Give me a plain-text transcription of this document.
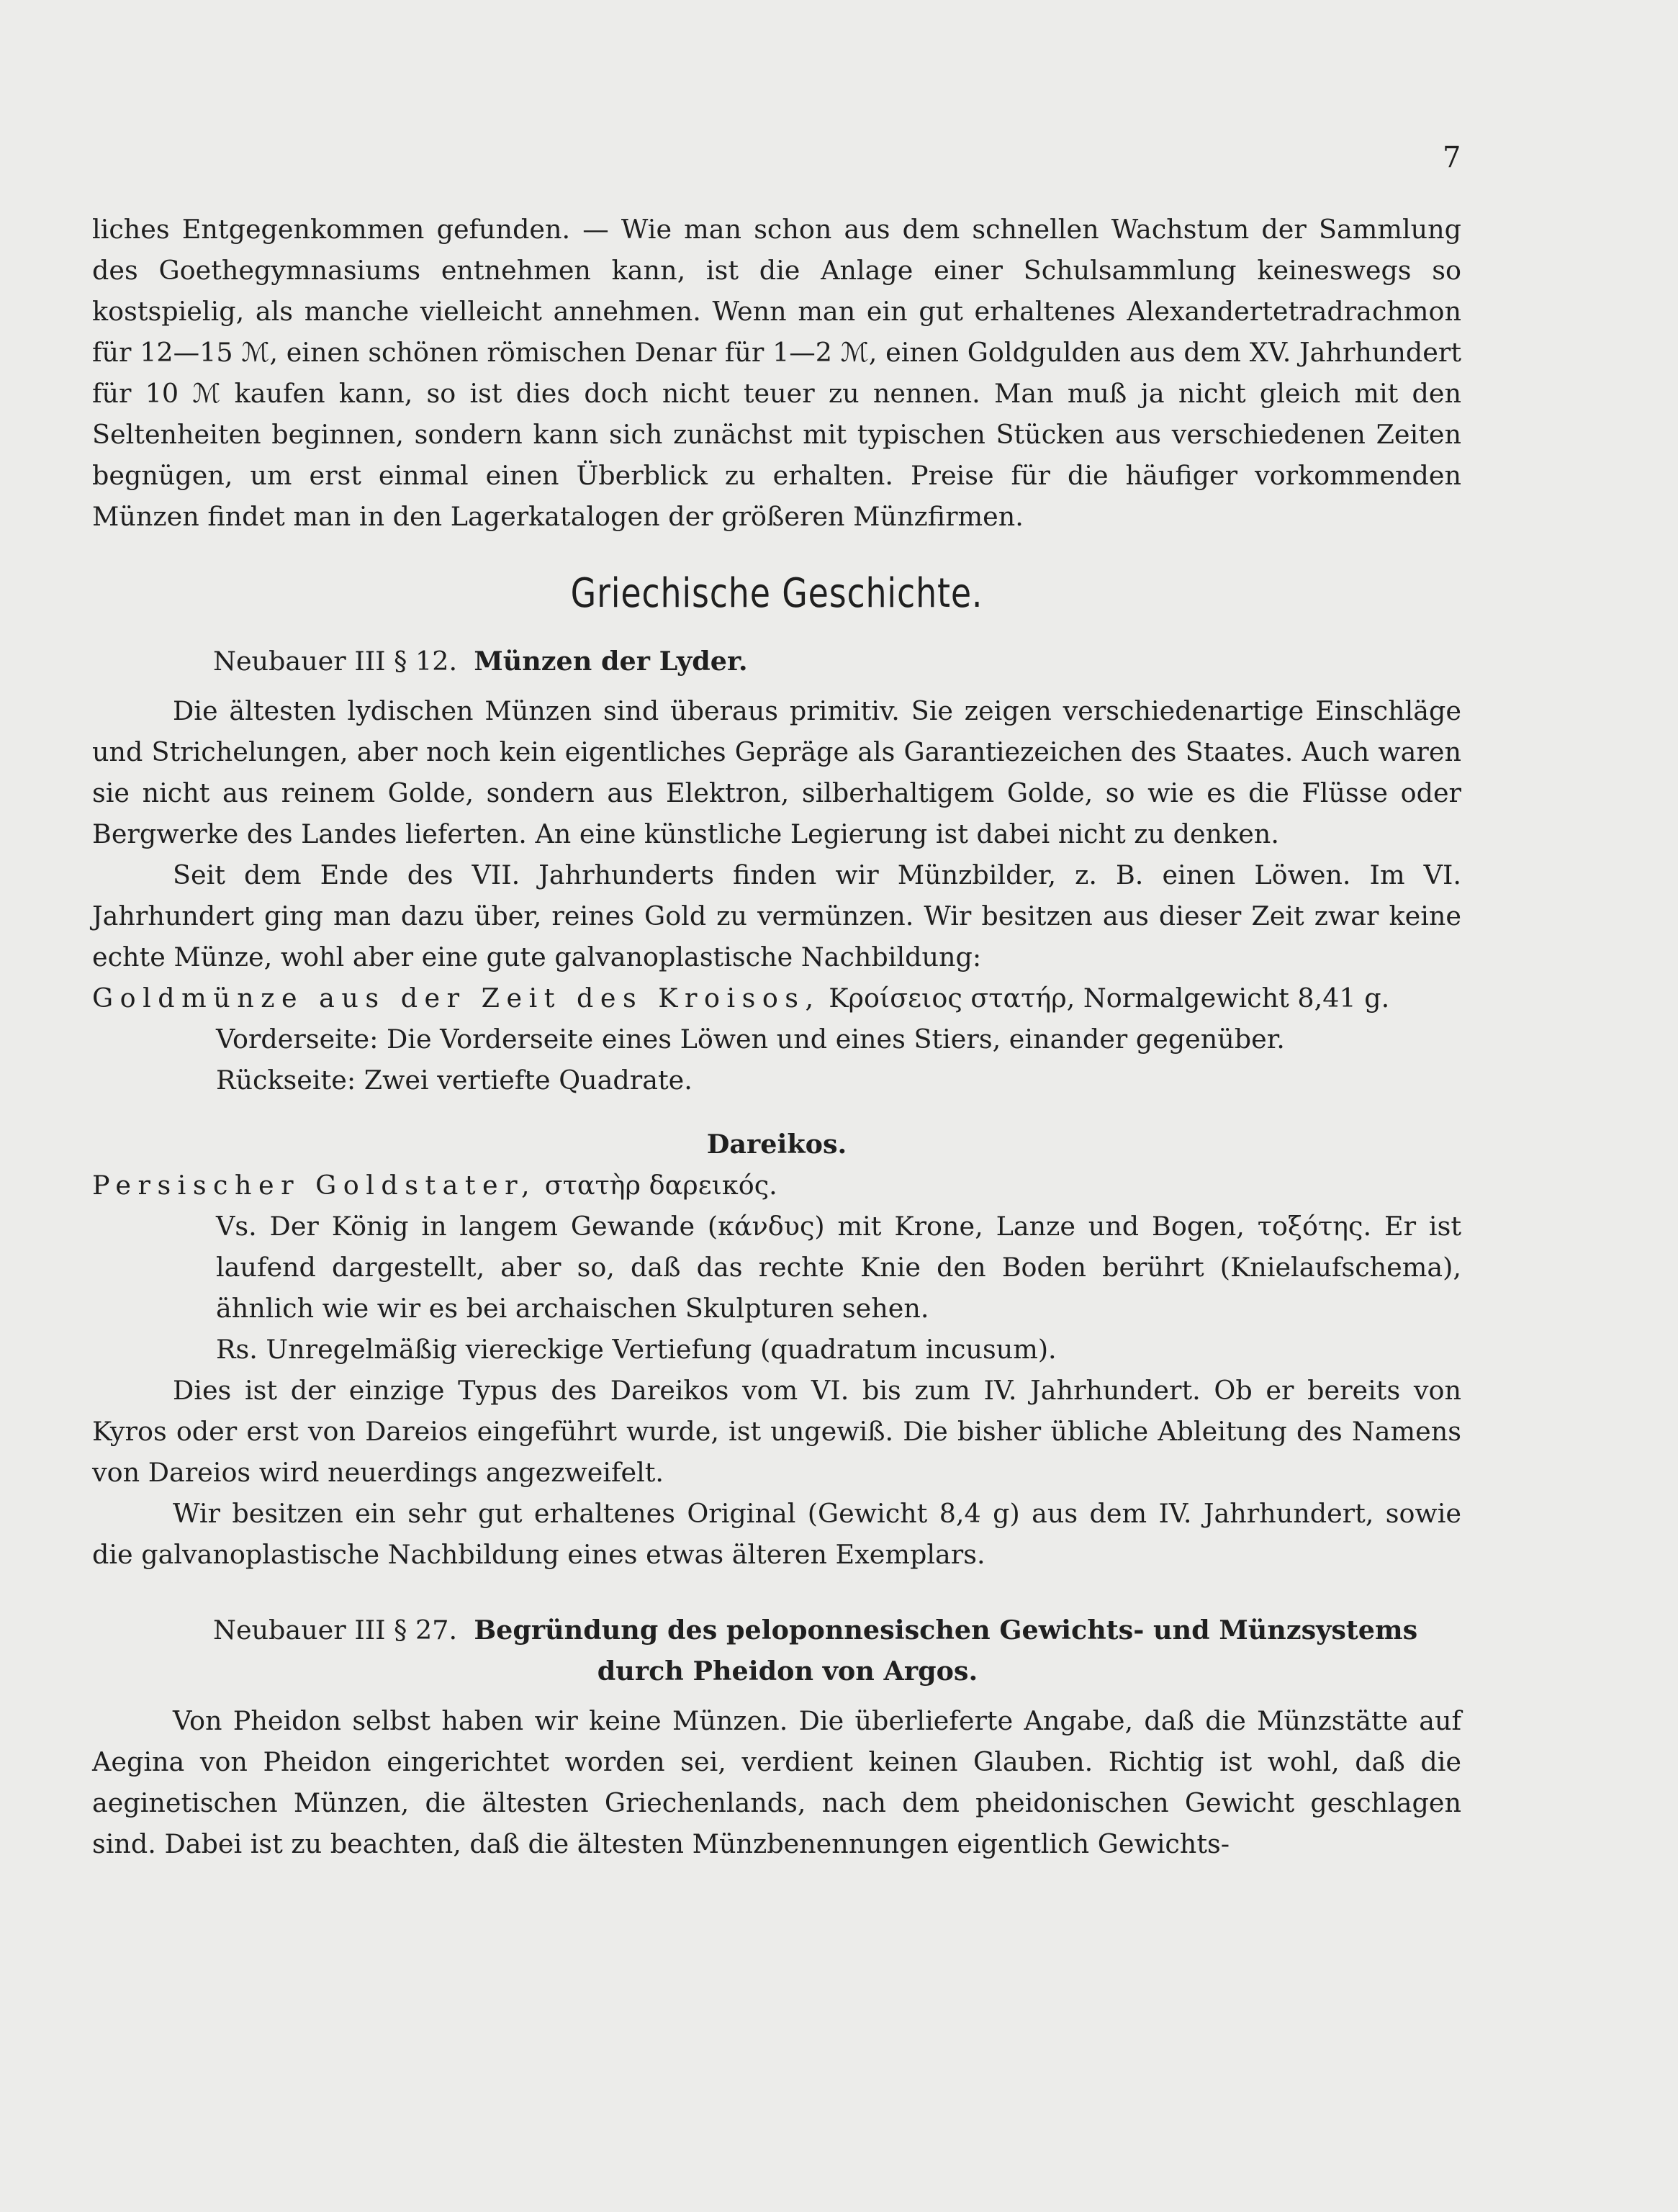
7

liches Entgegenkommen gefunden. — Wie man schon aus dem schnellen Wachstum der Sammlung des Goethegymnasiums entnehmen kann, ist die Anlage einer Schulsammlung keineswegs so kostspielig, als manche vielleicht annehmen. Wenn man ein gut erhaltenes Alexandertetradrachmon für 12—15 ℳ, einen schönen römischen Denar für 1—2 ℳ, einen Goldgulden aus dem XV. Jahrhundert für 10 ℳ kaufen kann, so ist dies doch nicht teuer zu nennen. Man muß ja nicht gleich mit den Seltenheiten beginnen, sondern kann sich zunächst mit typischen Stücken aus verschiedenen Zeiten begnügen, um erst einmal einen Überblick zu erhalten. Preise für die häufiger vorkommenden Münzen findet man in den Lagerkatalogen der größeren Münzfirmen.

Griechische Geschichte.

Neubauer III § 12. Münzen der Lyder.

Die ältesten lydischen Münzen sind überaus primitiv. Sie zeigen verschiedenartige Einschläge und Strichelungen, aber noch kein eigentliches Gepräge als Garantiezeichen des Staates. Auch waren sie nicht aus reinem Golde, sondern aus Elektron, silberhaltigem Golde, so wie es die Flüsse oder Bergwerke des Landes lieferten. An eine künstliche Legierung ist dabei nicht zu denken.

Seit dem Ende des VII. Jahrhunderts finden wir Münzbilder, z. B. einen Löwen. Im VI. Jahrhundert ging man dazu über, reines Gold zu vermünzen. Wir besitzen aus dieser Zeit zwar keine echte Münze, wohl aber eine gute galvanoplastische Nachbildung:

Goldmünze aus der Zeit des Kroisos, Κροίσειος στατήρ, Normalgewicht 8,41 g.

Vorderseite: Die Vorderseite eines Löwen und eines Stiers, einander gegenüber.

Rückseite: Zwei vertiefte Quadrate.

Dareikos.

Persischer Goldstater, στατὴρ δαρεικός.

Vs. Der König in langem Gewande (κάνδυς) mit Krone, Lanze und Bogen, τοξότης. Er ist laufend dargestellt, aber so, daß das rechte Knie den Boden berührt (Knielaufschema), ähnlich wie wir es bei archaischen Skulpturen sehen.

Rs. Unregelmäßig viereckige Vertiefung (quadratum incusum).

Dies ist der einzige Typus des Dareikos vom VI. bis zum IV. Jahrhundert. Ob er bereits von Kyros oder erst von Dareios eingeführt wurde, ist ungewiß. Die bisher übliche Ableitung des Namens von Dareios wird neuerdings angezweifelt.

Wir besitzen ein sehr gut erhaltenes Original (Gewicht 8,4 g) aus dem IV. Jahrhundert, sowie die galvanoplastische Nachbildung eines etwas älteren Exemplars.

Neubauer III § 27. Begründung des peloponnesischen Gewichts- und Münzsystems

durch Pheidon von Argos.

Von Pheidon selbst haben wir keine Münzen. Die überlieferte Angabe, daß die Münzstätte auf Aegina von Pheidon eingerichtet worden sei, verdient keinen Glauben. Richtig ist wohl, daß die aeginetischen Münzen, die ältesten Griechenlands, nach dem pheidonischen Gewicht geschlagen sind. Dabei ist zu beachten, daß die ältesten Münzbenennungen eigentlich Gewichts-
